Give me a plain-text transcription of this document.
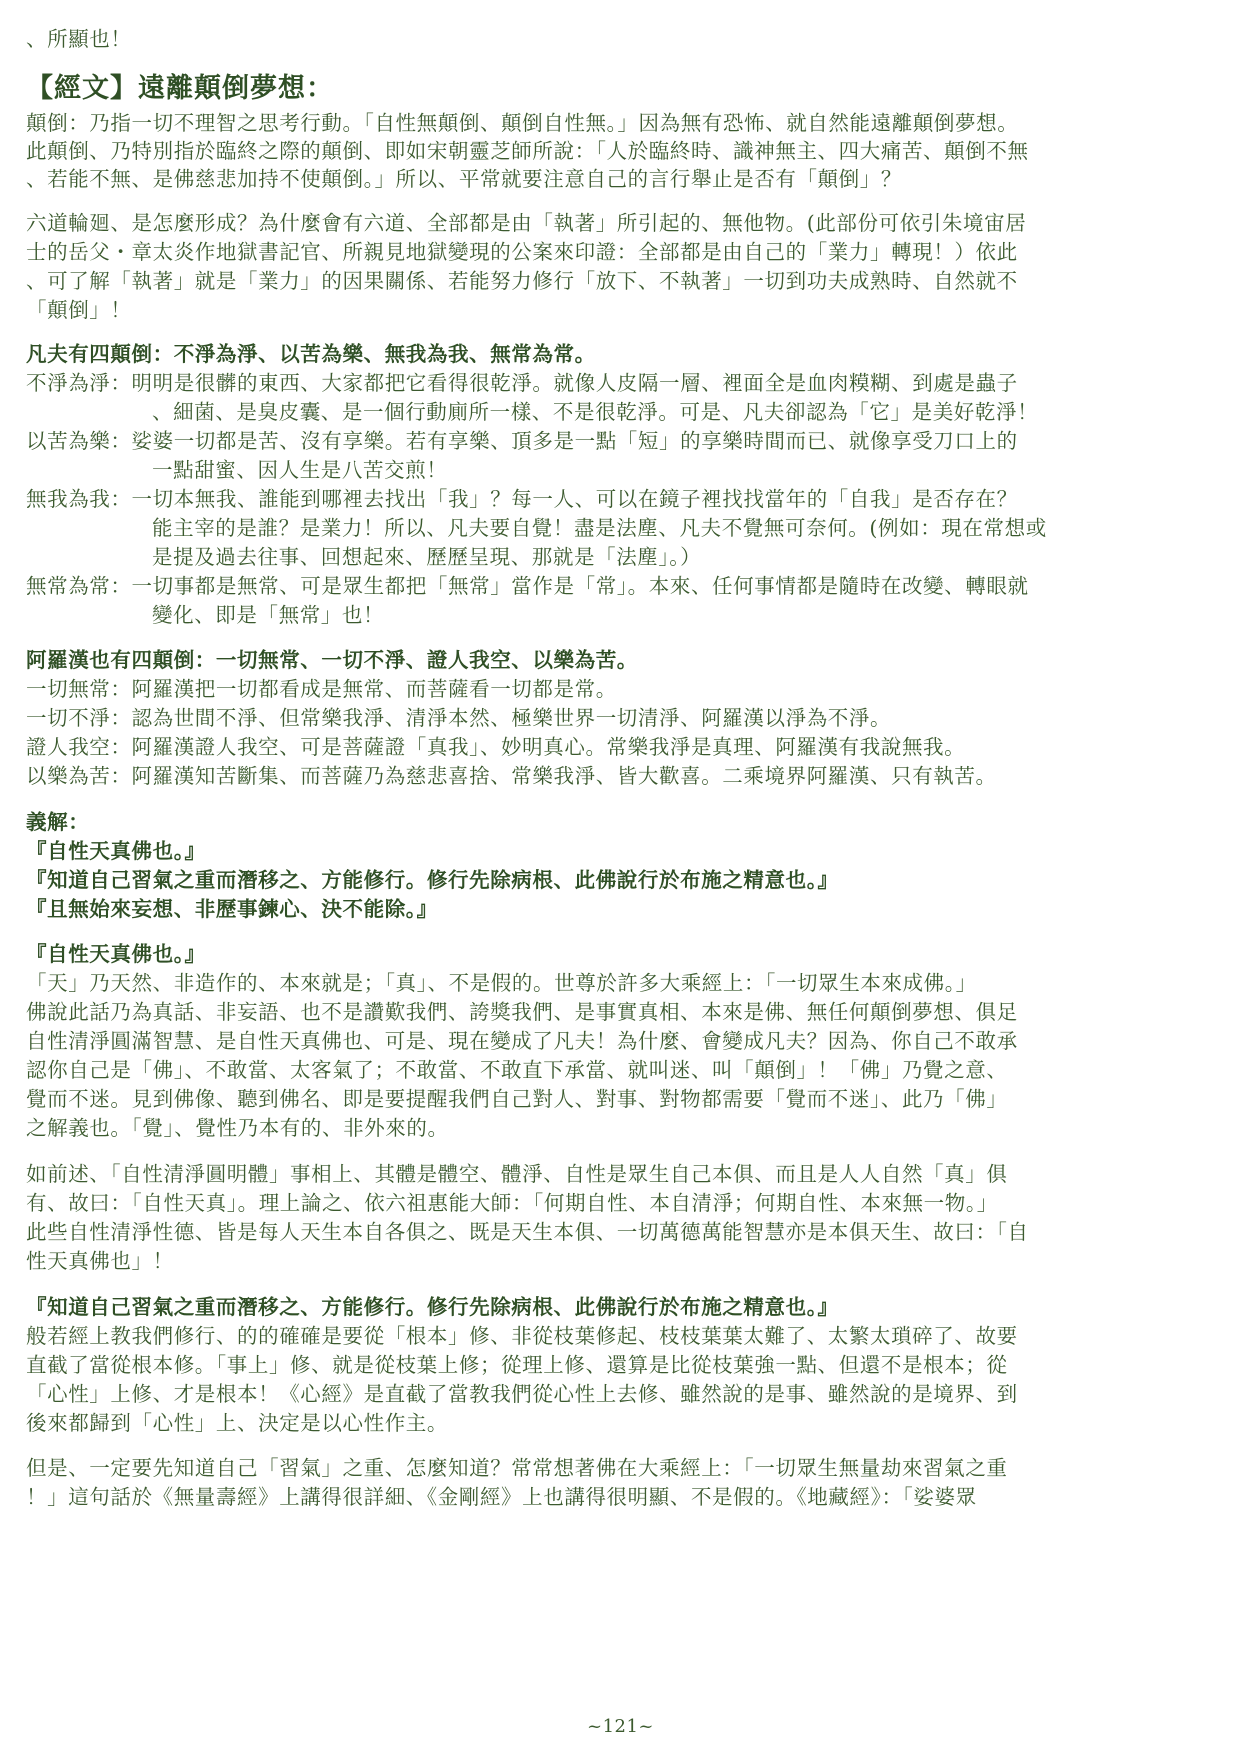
、所顯也！
【經文】遠離顛倒夢想：
顛倒：乃指一切不理智之思考行動。「自性無顛倒、顛倒自性無。」因為無有恐怖、就自然能遠離顛倒夢想。
此顛倒、乃特別指於臨終之際的顛倒、即如宋朝靈芝師所說：「人於臨終時、識神無主、四大痛苦、顛倒不無
、若能不無、是佛慈悲加持不使顛倒。」所以、平常就要注意自己的言行舉止是否有「顛倒」？
六道輪廻、是怎麼形成？為什麼會有六道、全部都是由「執著」所引起的、無他物。(此部份可依引朱境宙居
士的岳父・章太炎作地獄書記官、所親見地獄變現的公案來印證：全部都是由自己的「業力」轉現！）依此
、可了解「執著」就是「業力」的因果關係、若能努力修行「放下、不執著」一切到功夫成熟時、自然就不
「顛倒」！
凡夫有四顛倒：不淨為淨、以苦為樂、無我為我、無常為常。
不淨為淨：明明是很髒的東西、大家都把它看得很乾淨。就像人皮隔一層、裡面全是血肉糢糊、到處是蟲子
、細菌、是臭皮囊、是一個行動廁所一樣、不是很乾淨。可是、凡夫卻認為「它」是美好乾淨！
以苦為樂：娑婆一切都是苦、沒有享樂。若有享樂、頂多是一點「短」的享樂時間而已、就像享受刀口上的
一點甜蜜、因人生是八苦交煎！
無我為我：一切本無我、誰能到哪裡去找出「我」？每一人、可以在鏡子裡找找當年的「自我」是否存在？
能主宰的是誰？是業力！所以、凡夫要自覺！盡是法塵、凡夫不覺無可奈何。(例如：現在常想或
是提及過去往事、回想起來、歷歷呈現、那就是「法塵」。）
無常為常：一切事都是無常、可是眾生都把「無常」當作是「常」。本來、任何事情都是隨時在改變、轉眼就
變化、即是「無常」也！
阿羅漢也有四顛倒：一切無常、一切不淨、證人我空、以樂為苦。
一切無常：阿羅漢把一切都看成是無常、而菩薩看一切都是常。
一切不淨：認為世間不淨、但常樂我淨、清淨本然、極樂世界一切清淨、阿羅漢以淨為不淨。
證人我空：阿羅漢證人我空、可是菩薩證「真我」、妙明真心。常樂我淨是真理、阿羅漢有我說無我。
以樂為苦：阿羅漢知苦斷集、而菩薩乃為慈悲喜捨、常樂我淨、皆大歡喜。二乘境界阿羅漢、只有執苦。
義解：
『自性天真佛也。』
『知道自己習氣之重而潛移之、方能修行。修行先除病根、此佛說行於布施之精意也。』
『且無始來妄想、非歷事鍊心、決不能除。』
『自性天真佛也。』
「天」乃天然、非造作的、本來就是；「真」、不是假的。世尊於許多大乘經上：「一切眾生本來成佛。」
佛說此話乃為真話、非妄語、也不是讚歎我們、誇獎我們、是事實真相、本來是佛、無任何顛倒夢想、俱足
自性清淨圓滿智慧、是自性天真佛也、可是、現在變成了凡夫！為什麼、會變成凡夫？因為、你自己不敢承
認你自己是「佛」、不敢當、太客氣了；不敢當、不敢直下承當、就叫迷、叫「顛倒」！「佛」乃覺之意、
覺而不迷。見到佛像、聽到佛名、即是要提醒我們自己對人、對事、對物都需要「覺而不迷」、此乃「佛」
之解義也。「覺」、覺性乃本有的、非外來的。
如前述、「自性清淨圓明體」事相上、其體是體空、體淨、自性是眾生自己本俱、而且是人人自然「真」俱
有、故曰：「自性天真」。理上論之、依六祖惠能大師：「何期自性、本自清淨；何期自性、本來無一物。」
此些自性清淨性德、皆是每人天生本自各俱之、既是天生本俱、一切萬德萬能智慧亦是本俱天生、故曰：「自
性天真佛也」！
『知道自己習氣之重而潛移之、方能修行。修行先除病根、此佛說行於布施之精意也。』
般若經上教我們修行、的的確確是要從「根本」修、非從枝葉修起、枝枝葉葉太難了、太繁太瑣碎了、故要
直截了當從根本修。「事上」修、就是從枝葉上修；從理上修、還算是比從枝葉強一點、但還不是根本；從
「心性」上修、才是根本！《心經》是直截了當教我們從心性上去修、雖然說的是事、雖然說的是境界、到
後來都歸到「心性」上、決定是以心性作主。
但是、一定要先知道自己「習氣」之重、怎麼知道？常常想著佛在大乘經上：「一切眾生無量劫來習氣之重
！」這句話於《無量壽經》上講得很詳細、《金剛經》上也講得很明顯、不是假的。《地藏經》：「娑婆眾
~121~
